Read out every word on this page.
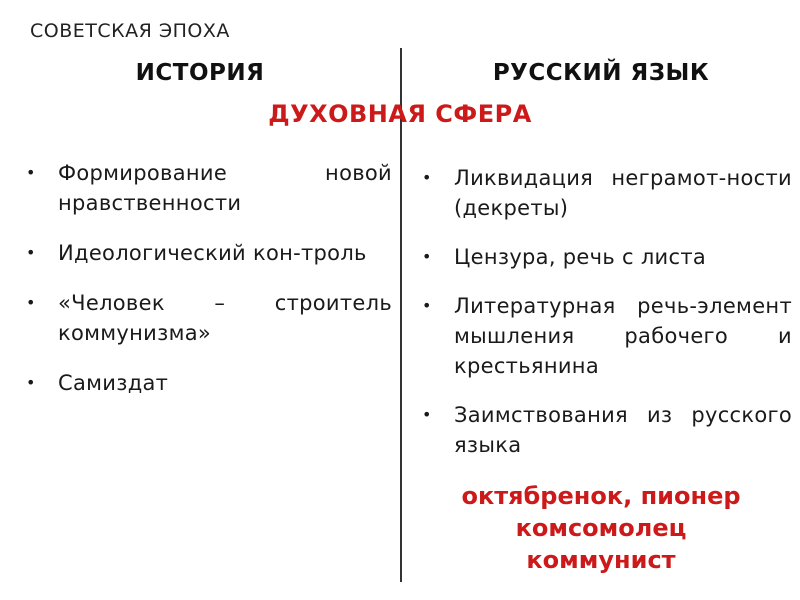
СОВЕТСКАЯ ЭПОХА
ИСТОРИЯ	РУССКИЙ ЯЗЫК
ДУХОВНАЯ СФЕРА
• Формирование новой нравственности
• Идеологический кон-троль
• «Человек – строитель коммунизма»
• Самиздат
• Ликвидация неграмот-ности (декреты)
• Цензура, речь с листа
• Литературная речь-элемент мышления рабочего и крестьянина
• Заимствования из русского языка
октябренок, пионер
комсомолец
коммунист
